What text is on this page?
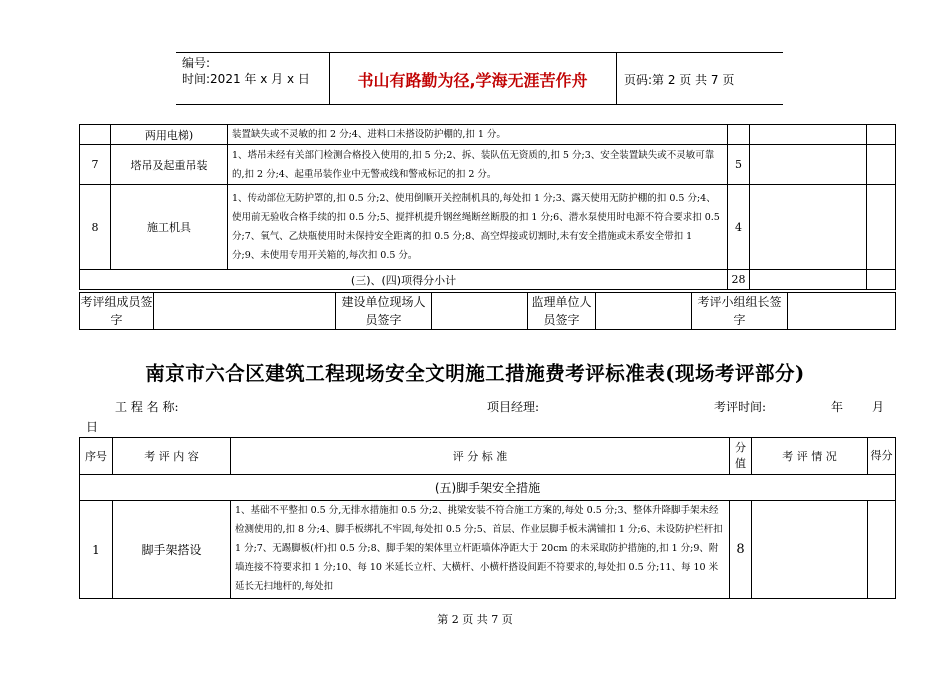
编号:
时间:2021 年 x 月 x 日	书山有路勤为径,学海无涯苦作舟	页码:第 2 页 共 7 页
	两用电梯)	装置缺失或不灵敏的扣 2 分;4、进料口未搭设防护棚的,扣 1 分。			
7	塔吊及起重吊装	1、塔吊未经有关部门检测合格投入使用的,扣 5 分;2、拆、装队伍无资质的,扣 5 分;3、安全装置缺失或不灵敏可靠的,扣 2 分;4、起重吊装作业中无警戒线和警戒标记的扣 2 分。	5		
8	施工机具	1、传动部位无防护罩的,扣 0.5 分;2、使用倒顺开关控制机具的,每处扣 1 分;3、露天使用无防护棚的扣 0.5 分;4、使用前无验收合格手续的扣 0.5 分;5、搅拌机提升钢丝绳断丝断股的扣 1 分;6、潜水泵使用时电源不符合要求扣 0.5 分;7、氧气、乙炔瓶使用时未保持安全距离的扣 0.5 分;8、高空焊接或切割时,未有安全措施或未系安全带扣 1 分;9、未使用专用开关箱的,每次扣 0.5 分。	4		
(三)、(四)项得分小计			28		
考评组成员签字		建设单位现场人员签字		监理单位人员签字		考评小组组长签字	
南京市六合区建筑工程现场安全文明施工措施费考评标准表(现场考评部分)
工 程 名 称:	项目经理:	考评时间:	年 月
日
序号	考 评 内 容	评 分 标 准	分值	考 评 情 况	得分
(五)脚手架安全措施					
1	脚手架搭设	1、基础不平整扣 0.5 分,无排水措施扣 0.5 分;2、挑梁安装不符合施工方案的,每处 0.5 分;3、整体升降脚手架未经检测使用的,扣 8 分;4、脚手板绑扎不牢固,每处扣 0.5 分;5、首层、作业层脚手板未满铺扣 1 分;6、未设防护栏杆扣 1 分;7、无踢脚板(杆)扣 0.5 分;8、脚手架的架体里立杆距墙体净距大于 20cm 的未采取防护措施的,扣 1 分;9、附墙连接不符要求扣 1 分;10、每 10 米延长立杆、大横杆、小横杆搭设间距不符要求的,每处扣 0.5 分;11、每 10 米延长无扫地杆的,每处扣	8		
第 2 页 共 7 页
